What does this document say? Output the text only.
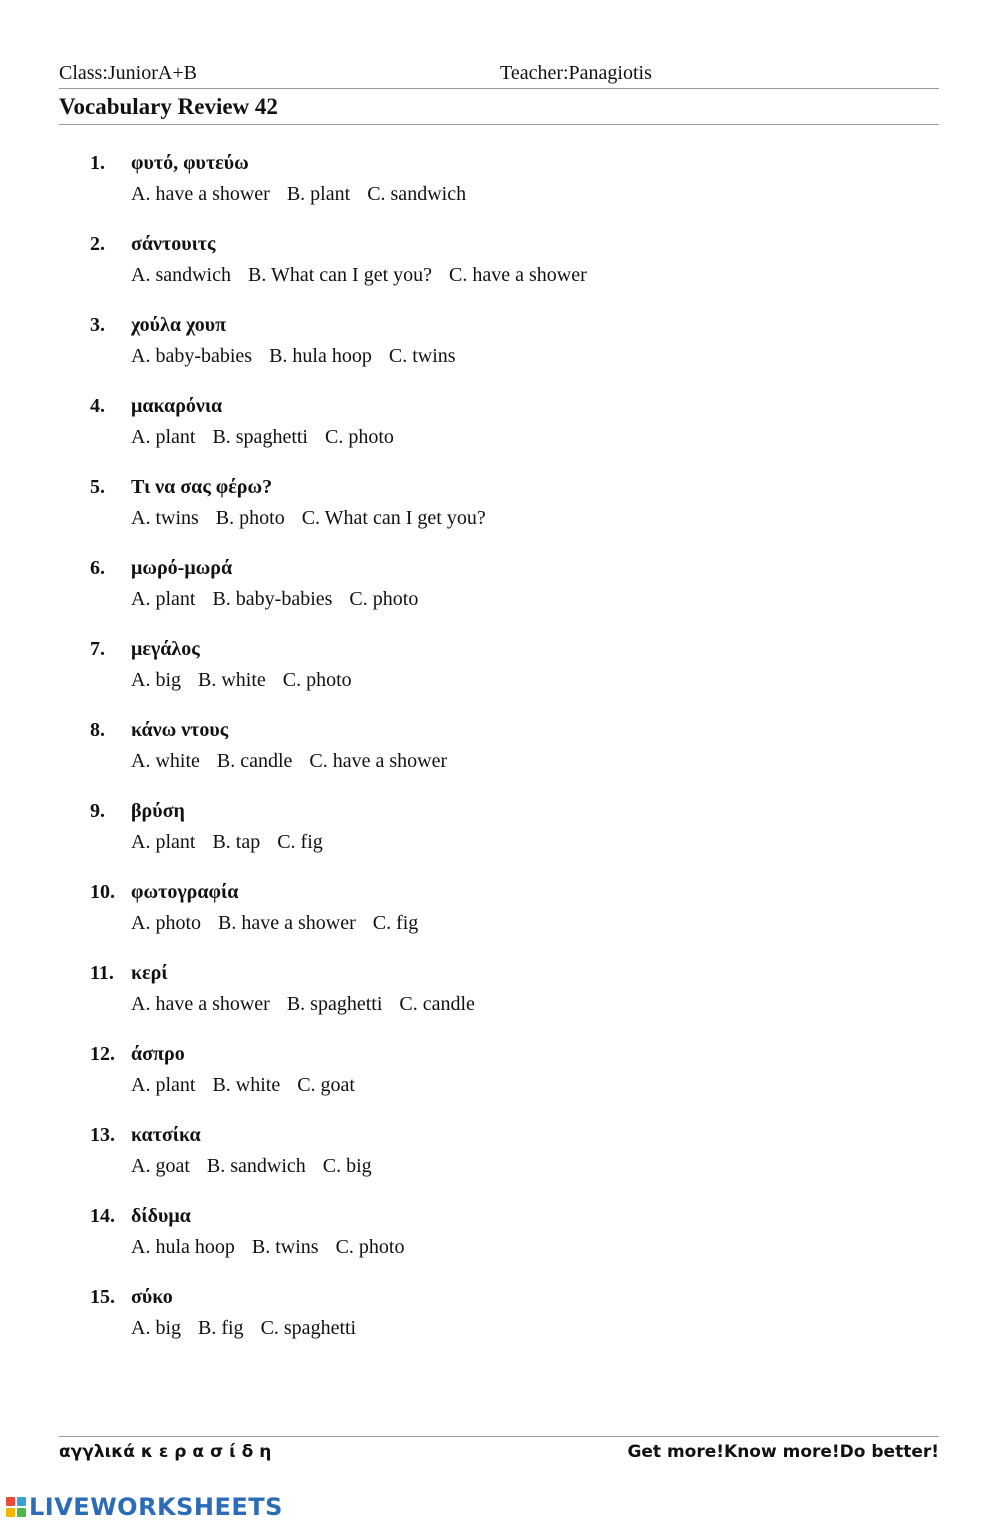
Class:JuniorA+B	Teacher:Panagiotis
Vocabulary Review 42
1.	φυτό, φυτεύω
A. have a shower B. plant C. sandwich
2.	σάντουιτς
A. sandwich B. What can I get you? C. have a shower
3.	χούλα χουπ
A. baby-babies B. hula hoop C. twins
4.	μακαρόνια
A. plant B. spaghetti C. photo
5.	Τι να σας φέρω?
A. twins B. photo C. What can I get you?
6.	μωρό-μωρά
A. plant B. baby-babies C. photo
7.	μεγάλος
A. big B. white C. photo
8.	κάνω ντους
A. white B. candle C. have a shower
9.	βρύση
A. plant B. tap C. fig
10. φωτογραφία
A. photo B. have a shower C. fig
11. κερί
A. have a shower B. spaghetti C. candle
12. άσπρο
A. plant B. white C. goat
13. κατσίκα
A. goat B. sandwich C. big
14. δίδυμα
A. hula hoop B. twins C. photo
15. σύκο
A. big B. fig C. spaghetti
αγγλικά κ ε ρ α σ ί δ η	Get more!Know more!Do better!
LIVEWORKSHEETS
